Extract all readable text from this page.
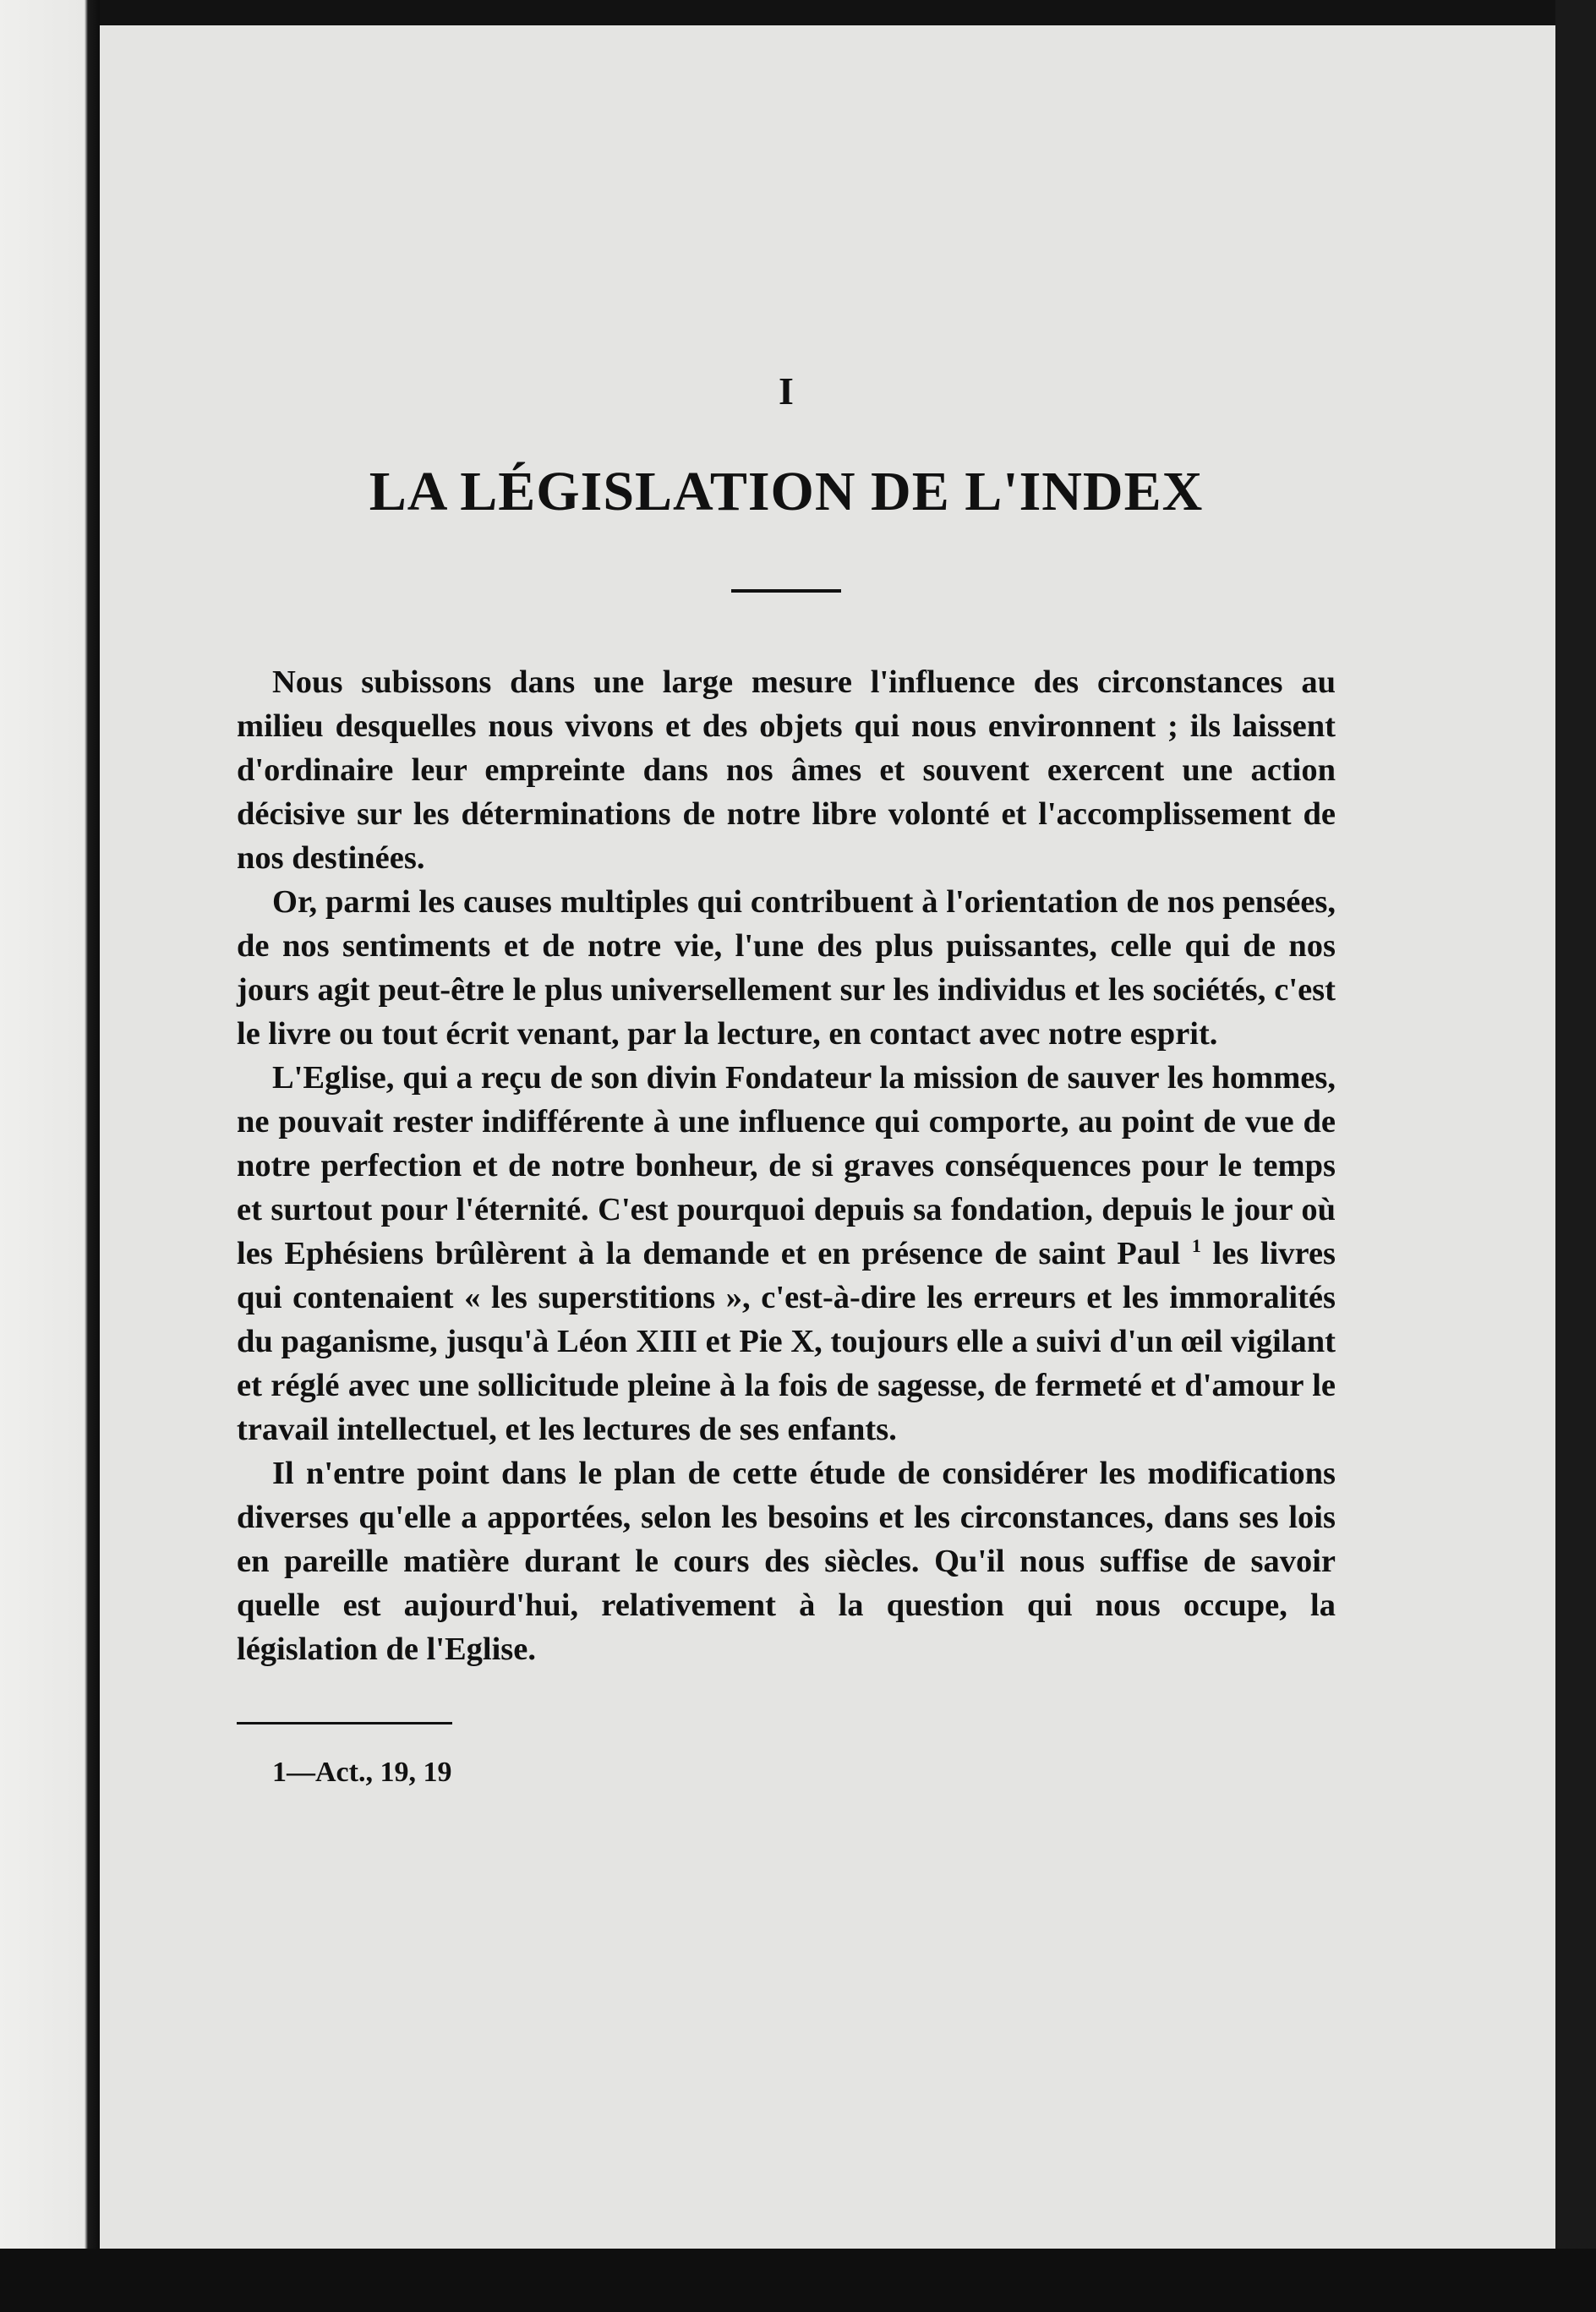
I
LA LÉGISLATION DE L'INDEX

Nous subissons dans une large mesure l'influence des circonstances au milieu desquelles nous vivons et des objets qui nous environnent ; ils laissent d'ordinaire leur empreinte dans nos âmes et souvent exercent une action décisive sur les déterminations de notre libre volonté et l'accomplissement de nos destinées.

Or, parmi les causes multiples qui contribuent à l'orientation de nos pensées, de nos sentiments et de notre vie, l'une des plus puissantes, celle qui de nos jours agit peut-être le plus universellement sur les individus et les sociétés, c'est le livre ou tout écrit venant, par la lecture, en contact avec notre esprit.

L'Eglise, qui a reçu de son divin Fondateur la mission de sauver les hommes, ne pouvait rester indifférente à une influence qui comporte, au point de vue de notre perfection et de notre bonheur, de si graves conséquences pour le temps et surtout pour l'éternité. C'est pourquoi depuis sa fondation, depuis le jour où les Ephésiens brûlèrent à la demande et en présence de saint Paul $^1$ les livres qui contenaient « les superstitions », c'est-à-dire les erreurs et les immoralités du paganisme, jusqu'à Léon XIII et Pie X, toujours elle a suivi d'un œil vigilant et réglé avec une sollicitude pleine à la fois de sagesse, de fermeté et d'amour le travail intellectuel, et les lectures de ses enfants.

Il n'entre point dans le plan de cette étude de considérer les modifications diverses qu'elle a apportées, selon les besoins et les circonstances, dans ses lois en pareille matière durant le cours des siècles. Qu'il nous suffise de savoir quelle est aujourd'hui, relativement à la question qui nous occupe, la législation de l'Eglise.

1—Act., 19, 19
